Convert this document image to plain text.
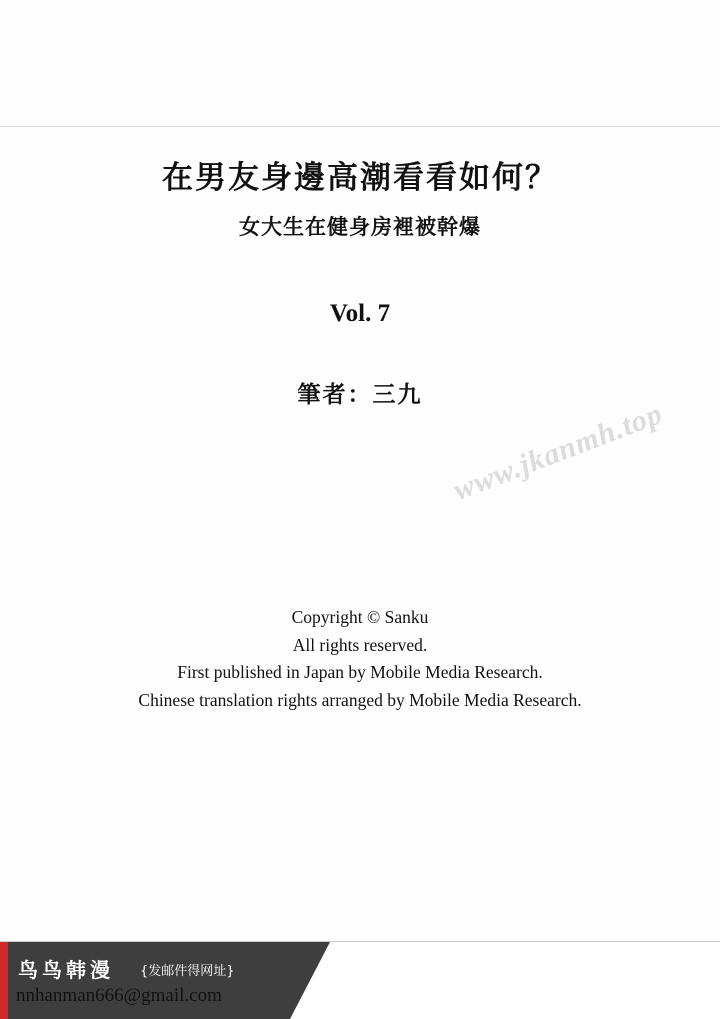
在男友身邊高潮看看如何？
女大生在健身房裡被幹爆
Vol. 7
筆者：三九
www.jkanmh.top
Copyright © Sanku
All rights reserved.
First published in Japan by Mobile Media Research.
Chinese translation rights arranged by Mobile Media Research.
鸟鸟韩漫 {发邮件得网址}
nnhanman666@gmail.com
